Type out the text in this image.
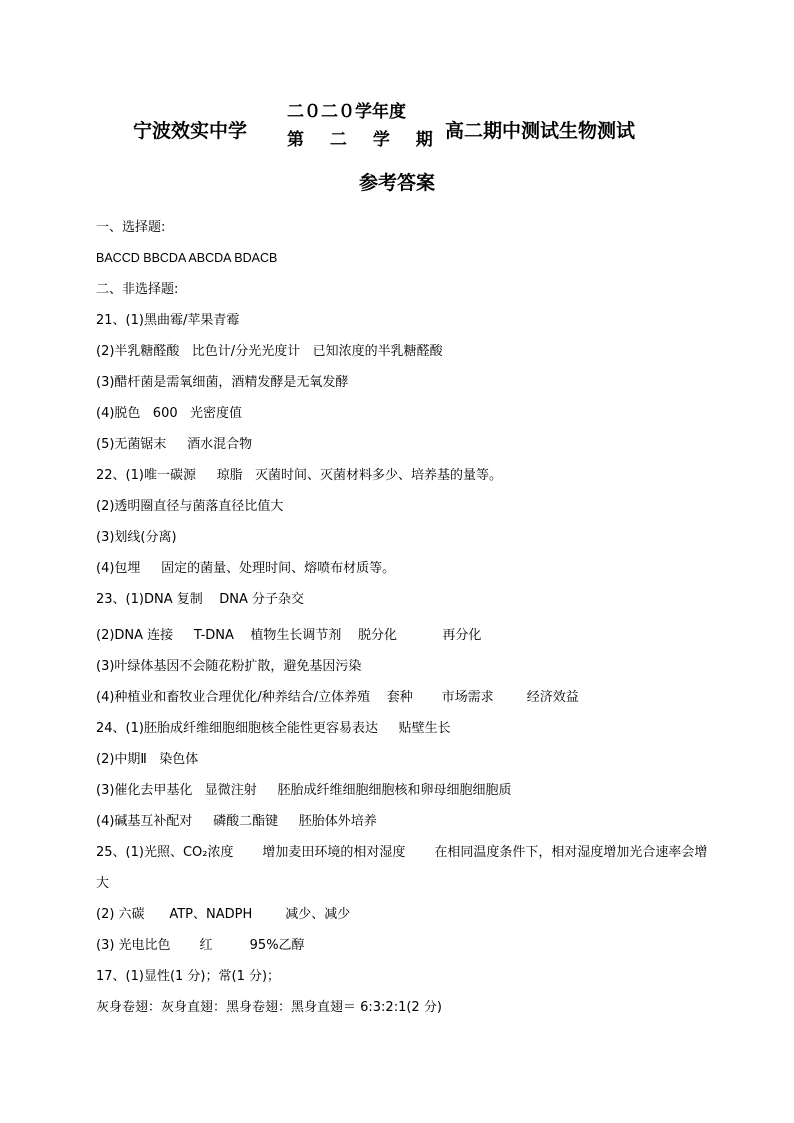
宁波效实中学
二０二０学年度
第 二 学 期 高二期中测试生物测试
参考答案
一、选择题:
BACCD BBCDA ABCDA BDACB
二、非选择题:
21、(1)黑曲霉/苹果青霉
(2)半乳糖醛酸   比色计/分光光度计   已知浓度的半乳糖醛酸
(3)醋杆菌是需氧细菌，酒精发酵是无氧发酵
(4)脱色   600   光密度值
(5)无菌锯末     酒水混合物
22、(1)唯一碳源     琼脂   灭菌时间、灭菌材料多少、培养基的量等。
(2)透明圈直径与菌落直径比值大
(3)划线(分离)
(4)包埋     固定的菌量、处理时间、熔喷布材质等。
23、(1)DNA 复制    DNA 分子杂交
(2)DNA 连接     T-DNA    植物生长调节剂    脱分化           再分化
(3)叶绿体基因不会随花粉扩散，避免基因污染
(4)种植业和畜牧业合理优化/种养结合/立体养殖    套种       市场需求        经济效益
24、(1)胚胎成纤维细胞细胞核全能性更容易表达     贴壁生长
(2)中期Ⅱ   染色体
(3)催化去甲基化   显微注射     胚胎成纤维细胞细胞核和卵母细胞细胞质
(4)碱基互补配对     磷酸二酯键     胚胎体外培养
25、(1)光照、CO₂浓度       增加麦田环境的相对湿度       在相同温度条件下，相对湿度增加光合速率会增大
(2) 六碳      ATP、NADPH        减少、减少
(3) 光电比色       红         95%乙醇
17、(1)显性(1 分)；常(1 分)；
灰身卷翅：灰身直翅：黑身卷翅：黑身直翅＝ 6:3:2:1(2 分)
